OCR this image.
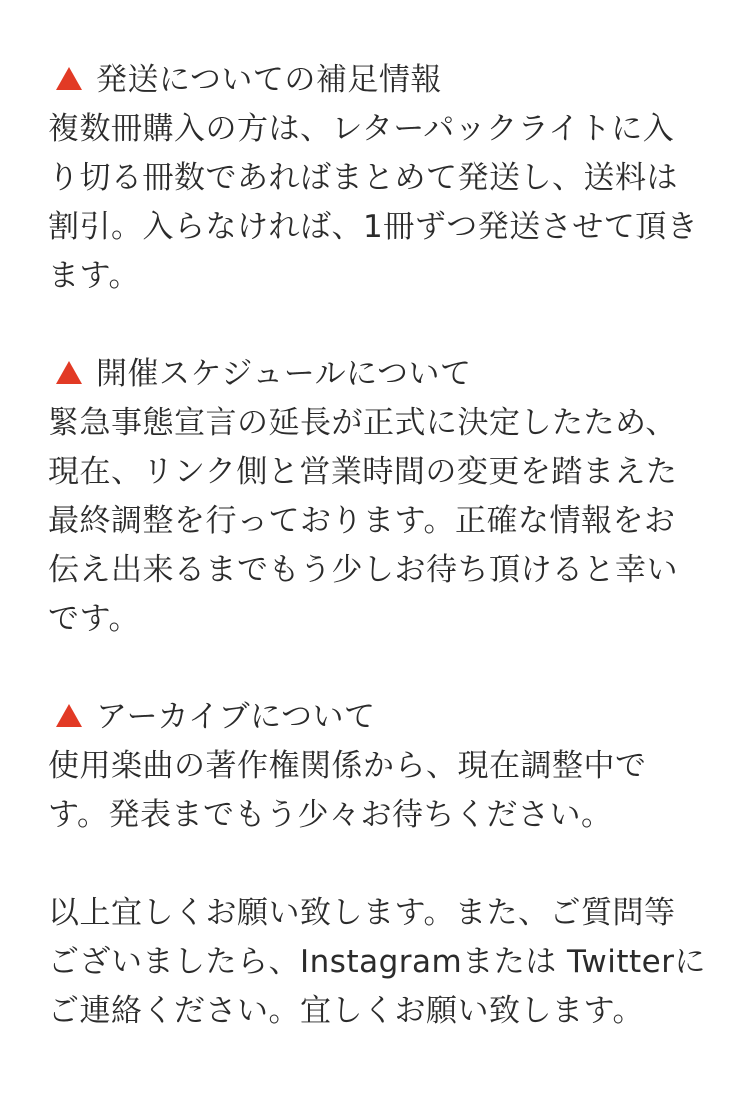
発送についての補足情報
複数冊購入の方は、レターパックライトに入
り切る冊数であればまとめて発送し、送料は
割引。入らなければ、1冊ずつ発送させて頂き
ます。
開催スケジュールについて
緊急事態宣言の延長が正式に決定したため、
現在、リンク側と営業時間の変更を踏まえた
最終調整を行っております。正確な情報をお
伝え出来るまでもう少しお待ち頂けると幸い
です。
アーカイブについて
使用楽曲の著作権関係から、現在調整中で
す。発表までもう少々お待ちください。
以上宜しくお願い致します。また、ご質問等
ございましたら、Instagramまたは Twitterに
ご連絡ください。宜しくお願い致します。
